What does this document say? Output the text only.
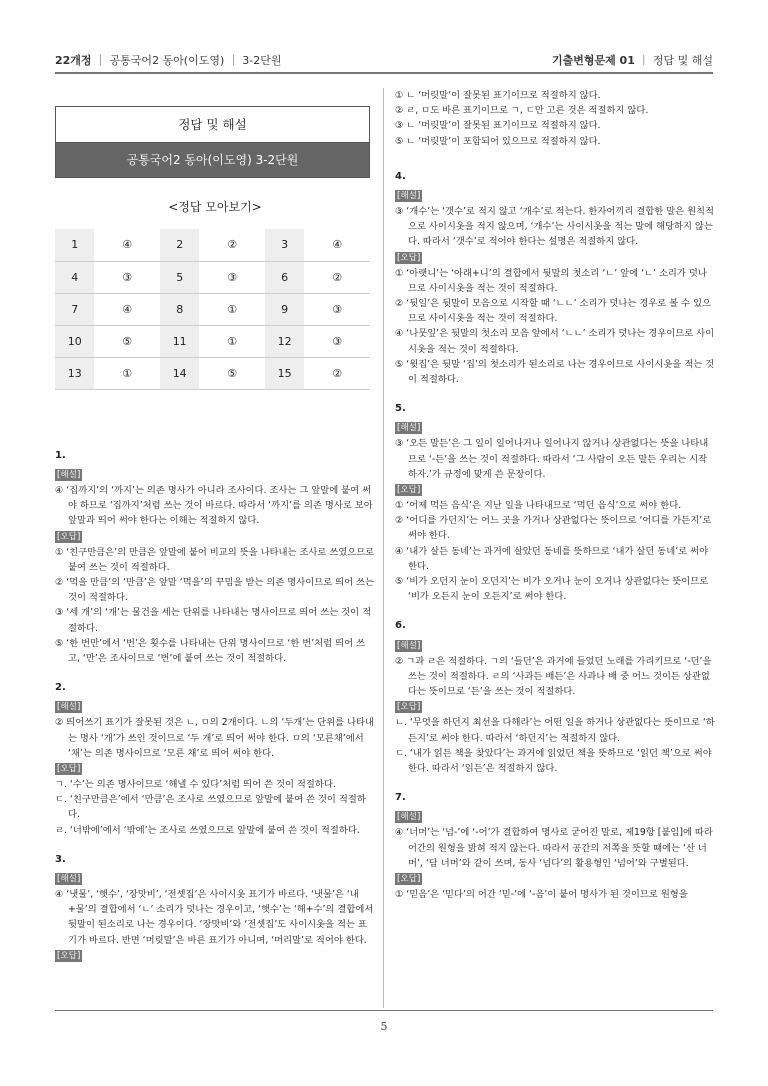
22개정 ｜ 공통국어2 동아(이도영) ｜ 3-2단원	기출변형문제 01 ｜ 정답 및 해설
정답 및 해설
공통국어2 동아(이도영) 3-2단원
<정답 모아보기>
1	④	2	②	3	④
4	③	5	③	6	②
7	④	8	①	9	③
10	⑤	11	①	12	③
13	①	14	⑤	15	②
1.
[해설]
④ ‘집까지’의 ‘까지’는 의존 명사가 아니라 조사이다. 조사는 그 앞말에 붙여 써야 하므로 ‘집까지’처럼 쓰는 것이 바르다. 따라서 ‘까지’를 의존 명사로 보아 앞말과 띄어 써야 한다는 이해는 적절하지 않다.
[오답]
① ‘친구만큼은’의 만큼은 앞말에 붙어 비교의 뜻을 나타내는 조사로 쓰였으므로 붙여 쓰는 것이 적절하다.
② ‘먹을 만큼’의 ‘만큼’은 앞말 ‘먹을’의 꾸밈을 받는 의존 명사이므로 띄어 쓰는 것이 적절하다.
③ ‘세 개’의 ‘개’는 물건을 세는 단위를 나타내는 명사이므로 띄어 쓰는 것이 적절하다.
⑤ ‘한 번만’에서 ‘번’은 횟수를 나타내는 단위 명사이므로 ‘한 번’처럼 띄어 쓰고, ‘만’은 조사이므로 ‘번’에 붙여 쓰는 것이 적절하다.
2.
[해설]
② 띄어쓰기 표기가 잘못된 것은 ㄴ, ㅁ의 2개이다. ㄴ의 ‘두개’는 단위를 나타내는 명사 ‘개’가 쓰인 것이므로 ‘두 개’로 띄어 써야 한다. ㅁ의 ‘모른채’에서 ‘채’는 의존 명사이므로 ‘모른 채’로 띄어 써야 한다.
[오답]
ㄱ. ‘수’는 의존 명사이므로 ‘해낼 수 있다’처럼 띄어 쓴 것이 적절하다.
ㄷ. ‘친구만큼은’에서 ‘만큼’은 조사로 쓰였으므로 앞말에 붙여 쓴 것이 적절하다.
ㄹ. ‘너밖에’에서 ‘밖에’는 조사로 쓰였으므로 앞말에 붙여 쓴 것이 적절하다.
3.
[해설]
④ ‘냇물’, ‘햇수’, ‘장맛비’, ‘전셋집’은 사이시옷 표기가 바르다. ‘냇물’은 ‘내+물’의 결합에서 ‘ㄴ’ 소리가 덧나는 경우이고, ‘햇수’는 ‘해+수’의 결합에서 뒷말이 된소리로 나는 경우이다. ‘장맛비’와 ‘전셋집’도 사이시옷을 적는 표기가 바르다. 반면 ‘머릿말’은 바른 표기가 아니며, ‘머리말’로 적어야 한다.
[오답]
① ㄴ ‘머릿말’이 잘못된 표기이므로 적절하지 않다.
② ㄹ, ㅁ도 바른 표기이므로 ㄱ, ㄷ만 고른 것은 적절하지 않다.
③ ㄴ ‘머릿말’이 잘못된 표기이므로 적절하지 않다.
⑤ ㄴ ‘머릿말’이 포함되어 있으므로 적절하지 않다.
4.
[해설]
③ ‘개수’는 ‘갯수’로 적지 않고 ‘개수’로 적는다. 한자어끼리 결합한 말은 원칙적으로 사이시옷을 적지 않으며, ‘개수’는 사이시옷을 적는 말에 해당하지 않는다. 따라서 ‘갯수’로 적어야 한다는 설명은 적절하지 않다.
[오답]
① ‘아랫니’는 ‘아래+니’의 결합에서 뒷말의 첫소리 ‘ㄴ’ 앞에 ‘ㄴ’ 소리가 덧나므로 사이시옷을 적는 것이 적절하다.
② ‘뒷일’은 뒷말이 모음으로 시작할 때 ‘ㄴㄴ’ 소리가 덧나는 경우로 볼 수 있으므로 사이시옷을 적는 것이 적절하다.
④ ‘나뭇잎’은 뒷말의 첫소리 모음 앞에서 ‘ㄴㄴ’ 소리가 덧나는 경우이므로 사이시옷을 적는 것이 적절하다.
⑤ ‘윗집’은 뒷말 ‘집’의 첫소리가 된소리로 나는 경우이므로 사이시옷을 적는 것이 적절하다.
5.
[해설]
③ ‘오든 말든’은 그 일이 일어나거나 일어나지 않거나 상관없다는 뜻을 나타내므로 ‘-든’을 쓰는 것이 적절하다. 따라서 ‘그 사람이 오든 말든 우리는 시작하자.’가 규정에 맞게 쓴 문장이다.
[오답]
① ‘어제 먹든 음식’은 지난 일을 나타내므로 ‘먹던 음식’으로 써야 한다.
② ‘어디를 가던지’는 어느 곳을 가거나 상관없다는 뜻이므로 ‘어디를 가든지’로 써야 한다.
④ ‘내가 살든 동네’는 과거에 살았던 동네를 뜻하므로 ‘내가 살던 동네’로 써야 한다.
⑤ ‘비가 오던지 눈이 오던지’는 비가 오거나 눈이 오거나 상관없다는 뜻이므로 ‘비가 오든지 눈이 오든지’로 써야 한다.
6.
[해설]
② ㄱ과 ㄹ은 적절하다. ㄱ의 ‘들던’은 과거에 들었던 노래를 가리키므로 ‘-던’을 쓰는 것이 적절하다. ㄹ의 ‘사과든 배든’은 사과나 배 중 어느 것이든 상관없다는 뜻이므로 ‘든’을 쓰는 것이 적절하다.
[오답]
ㄴ. ‘무엇을 하던지 최선을 다해라’는 어떤 일을 하거나 상관없다는 뜻이므로 ‘하든지’로 써야 한다. 따라서 ‘하던지’는 적절하지 않다.
ㄷ. ‘내가 읽든 책을 찾았다’는 과거에 읽었던 책을 뜻하므로 ‘읽던 책’으로 써야 한다. 따라서 ‘읽든’은 적절하지 않다.
7.
[해설]
④ ‘너머’는 ‘넘-’에 ‘-어’가 결합하여 명사로 굳어진 말로, 제19항 [붙임]에 따라 어간의 원형을 밝혀 적지 않는다. 따라서 공간의 저쪽을 뜻할 때에는 ‘산 너머’, ‘담 너머’와 같이 쓰며, 동사 ‘넘다’의 활용형인 ‘넘어’와 구별된다.
[오답]
① ‘믿음’은 ‘믿다’의 어간 ‘믿-’에 ‘-음’이 붙어 명사가 된 것이므로 원형을
5
